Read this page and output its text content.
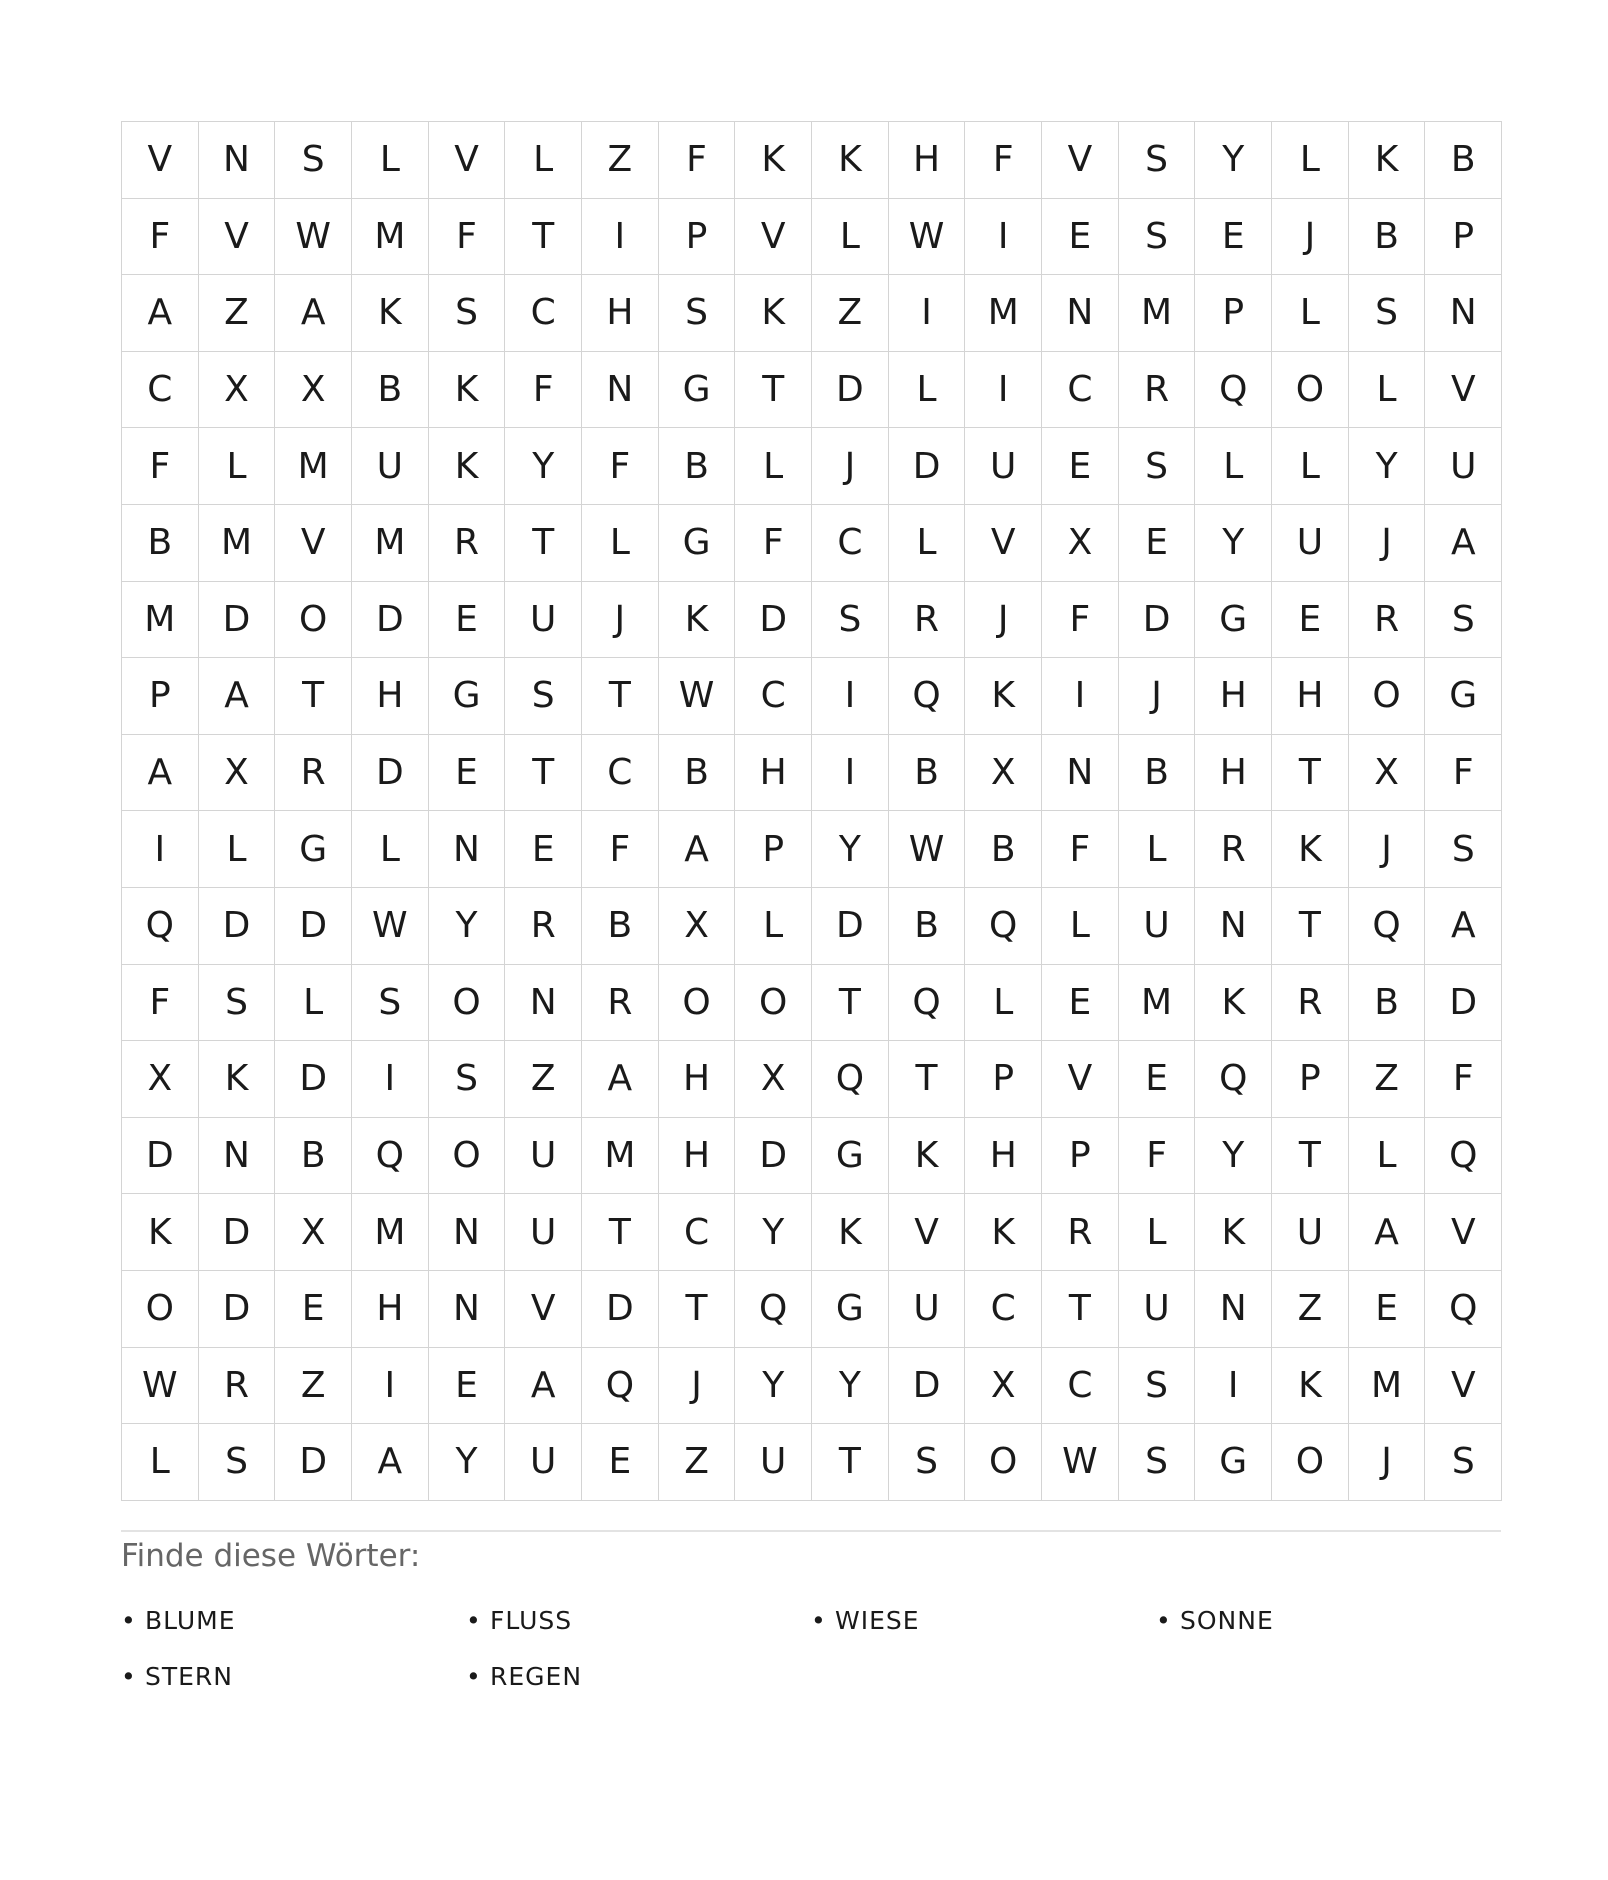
V	N	S	L	V	L	Z	F	K	K	H	F	V	S	Y	L	K	B
F	V	W	M	F	T	I	P	V	L	W	I	E	S	E	J	B	P
A	Z	A	K	S	C	H	S	K	Z	I	M	N	M	P	L	S	N
C	X	X	B	K	F	N	G	T	D	L	I	C	R	Q	O	L	V
F	L	M	U	K	Y	F	B	L	J	D	U	E	S	L	L	Y	U
B	M	V	M	R	T	L	G	F	C	L	V	X	E	Y	U	J	A
M	D	O	D	E	U	J	K	D	S	R	J	F	D	G	E	R	S
P	A	T	H	G	S	T	W	C	I	Q	K	I	J	H	H	O	G
A	X	R	D	E	T	C	B	H	I	B	X	N	B	H	T	X	F
I	L	G	L	N	E	F	A	P	Y	W	B	F	L	R	K	J	S
Q	D	D	W	Y	R	B	X	L	D	B	Q	L	U	N	T	Q	A
F	S	L	S	O	N	R	O	O	T	Q	L	E	M	K	R	B	D
X	K	D	I	S	Z	A	H	X	Q	T	P	V	E	Q	P	Z	F
D	N	B	Q	O	U	M	H	D	G	K	H	P	F	Y	T	L	Q
K	D	X	M	N	U	T	C	Y	K	V	K	R	L	K	U	A	V
O	D	E	H	N	V	D	T	Q	G	U	C	T	U	N	Z	E	Q
W	R	Z	I	E	A	Q	J	Y	Y	D	X	C	S	I	K	M	V
L	S	D	A	Y	U	E	Z	U	T	S	O	W	S	G	O	J	S
Finde diese Wörter:
• BLUME	• FLUSS	• WIESE	• SONNE
• STERN	• REGEN
